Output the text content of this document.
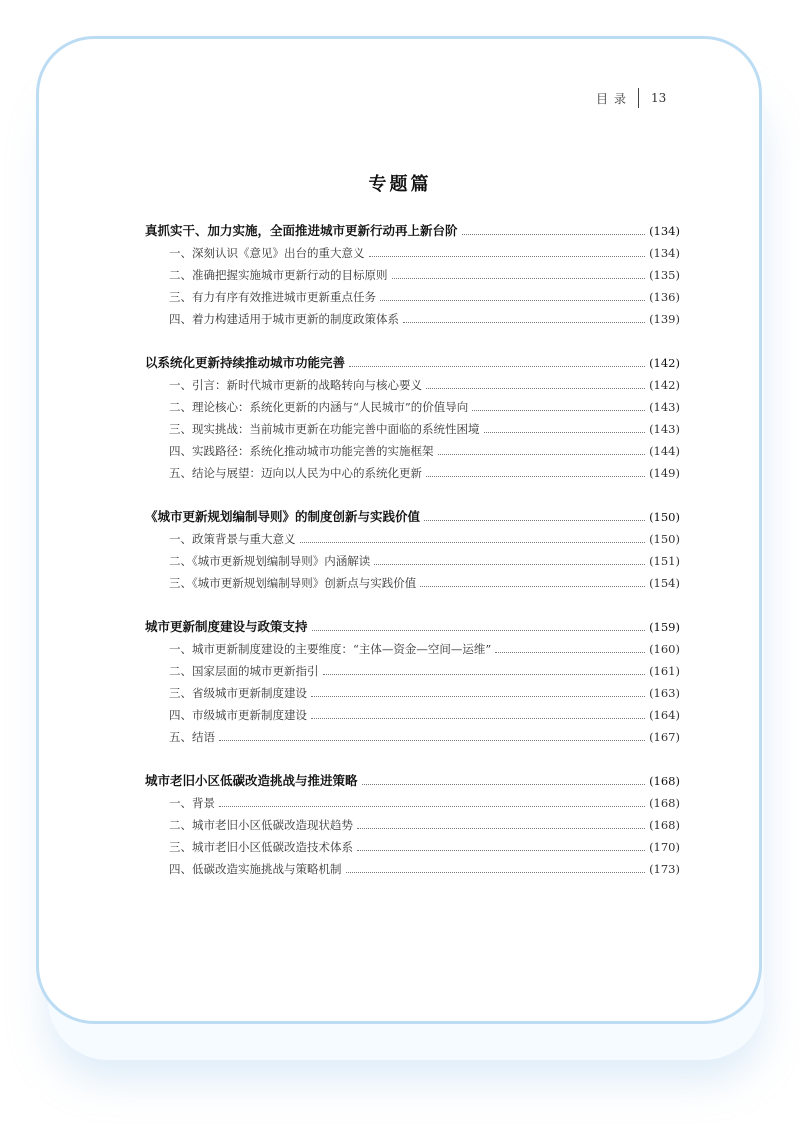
目录 13
专题篇
真抓实干、加力实施，全面推进城市更新行动再上新台阶	(134)
一、深刻认识《意见》出台的重大意义	(134)
二、准确把握实施城市更新行动的目标原则	(135)
三、有力有序有效推进城市更新重点任务	(136)
四、着力构建适用于城市更新的制度政策体系	(139)
以系统化更新持续推动城市功能完善	(142)
一、引言：新时代城市更新的战略转向与核心要义	(142)
二、理论核心：系统化更新的内涵与“人民城市”的价值导向	(143)
三、现实挑战：当前城市更新在功能完善中面临的系统性困境	(143)
四、实践路径：系统化推动城市功能完善的实施框架	(144)
五、结论与展望：迈向以人民为中心的系统化更新	(149)
《城市更新规划编制导则》的制度创新与实践价值	(150)
一、政策背景与重大意义	(150)
二、《城市更新规划编制导则》内涵解读	(151)
三、《城市更新规划编制导则》创新点与实践价值	(154)
城市更新制度建设与政策支持	(159)
一、城市更新制度建设的主要维度：“主体—资金—空间—运维”	(160)
二、国家层面的城市更新指引	(161)
三、省级城市更新制度建设	(163)
四、市级城市更新制度建设	(164)
五、结语	(167)
城市老旧小区低碳改造挑战与推进策略	(168)
一、背景	(168)
二、城市老旧小区低碳改造现状趋势	(168)
三、城市老旧小区低碳改造技术体系	(170)
四、低碳改造实施挑战与策略机制	(173)
